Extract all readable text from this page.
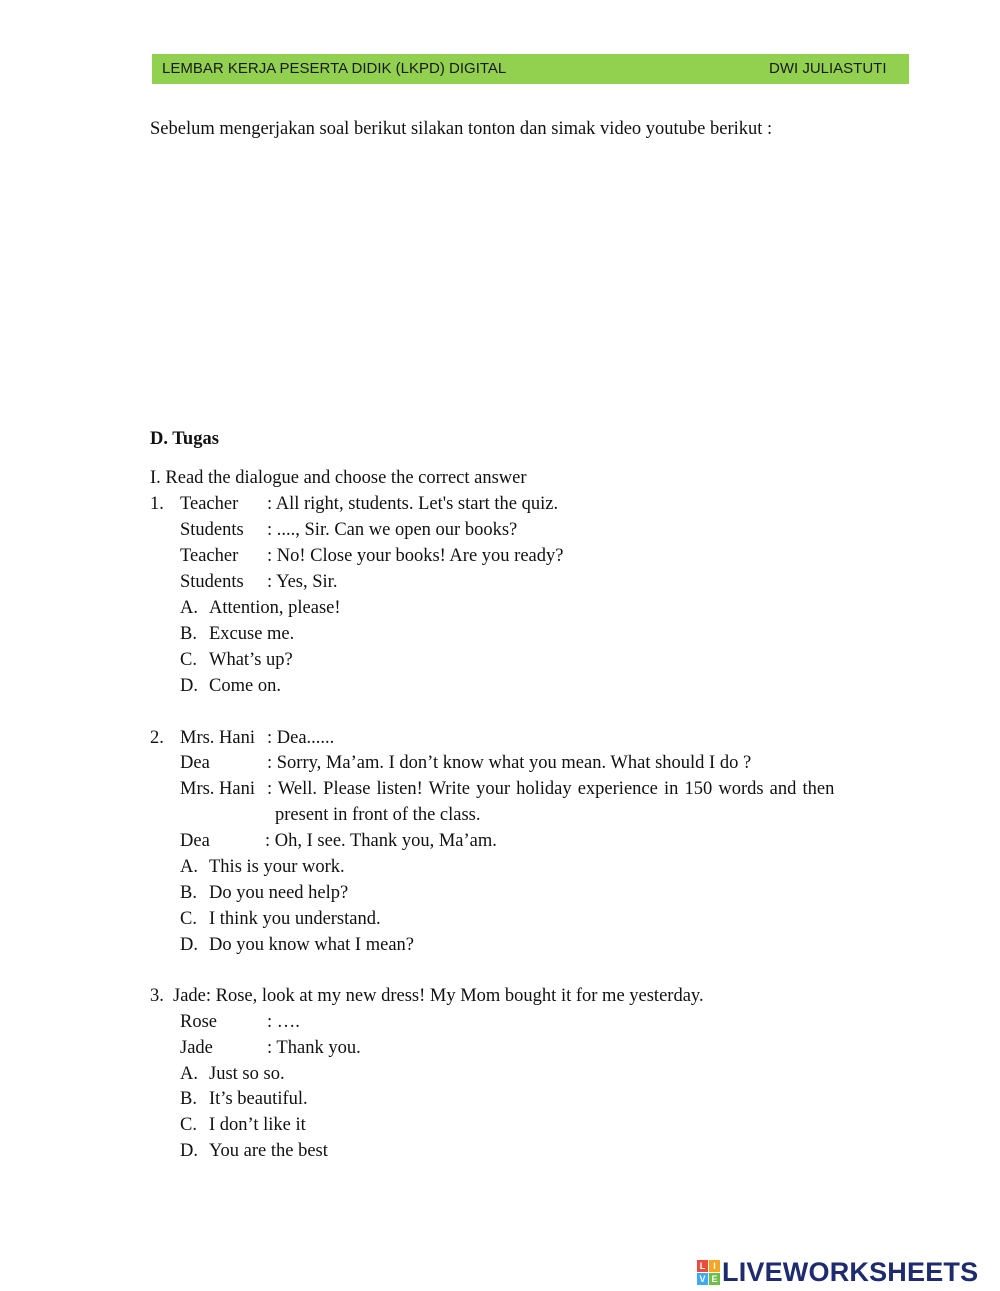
LEMBAR KERJA PESERTA DIDIK (LKPD) DIGITAL	DWI JULIASTUTI
Sebelum mengerjakan soal berikut silakan tonton dan simak video youtube berikut :
D. Tugas
I. Read the dialogue and choose the correct answer
1. Teacher : All right, students. Let's start the quiz.
Students : ...., Sir. Can we open our books?
Teacher : No! Close your books! Are you ready?
Students : Yes, Sir.
A. Attention, please!
B. Excuse me.
C. What’s up?
D. Come on.
2. Mrs. Hani : Dea......
Dea	: Sorry, Ma’am. I don’t know what you mean. What should I do ?
Mrs. Hani : Well. Please listen! Write your holiday experience in 150 words and then
present in front of the class.
Dea	: Oh, I see. Thank you, Ma’am.
A. This is your work.
B. Do you need help?
C. I think you understand.
D. Do you know what I mean?
3. Jade: Rose, look at my new dress! My Mom bought it for me yesterday.
Rose	: ….
Jade	: Thank you.
A. Just so so.
B. It’s beautiful.
C. I don’t like it
D. You are the best
L I
V E LIVEWORKSHEETS
